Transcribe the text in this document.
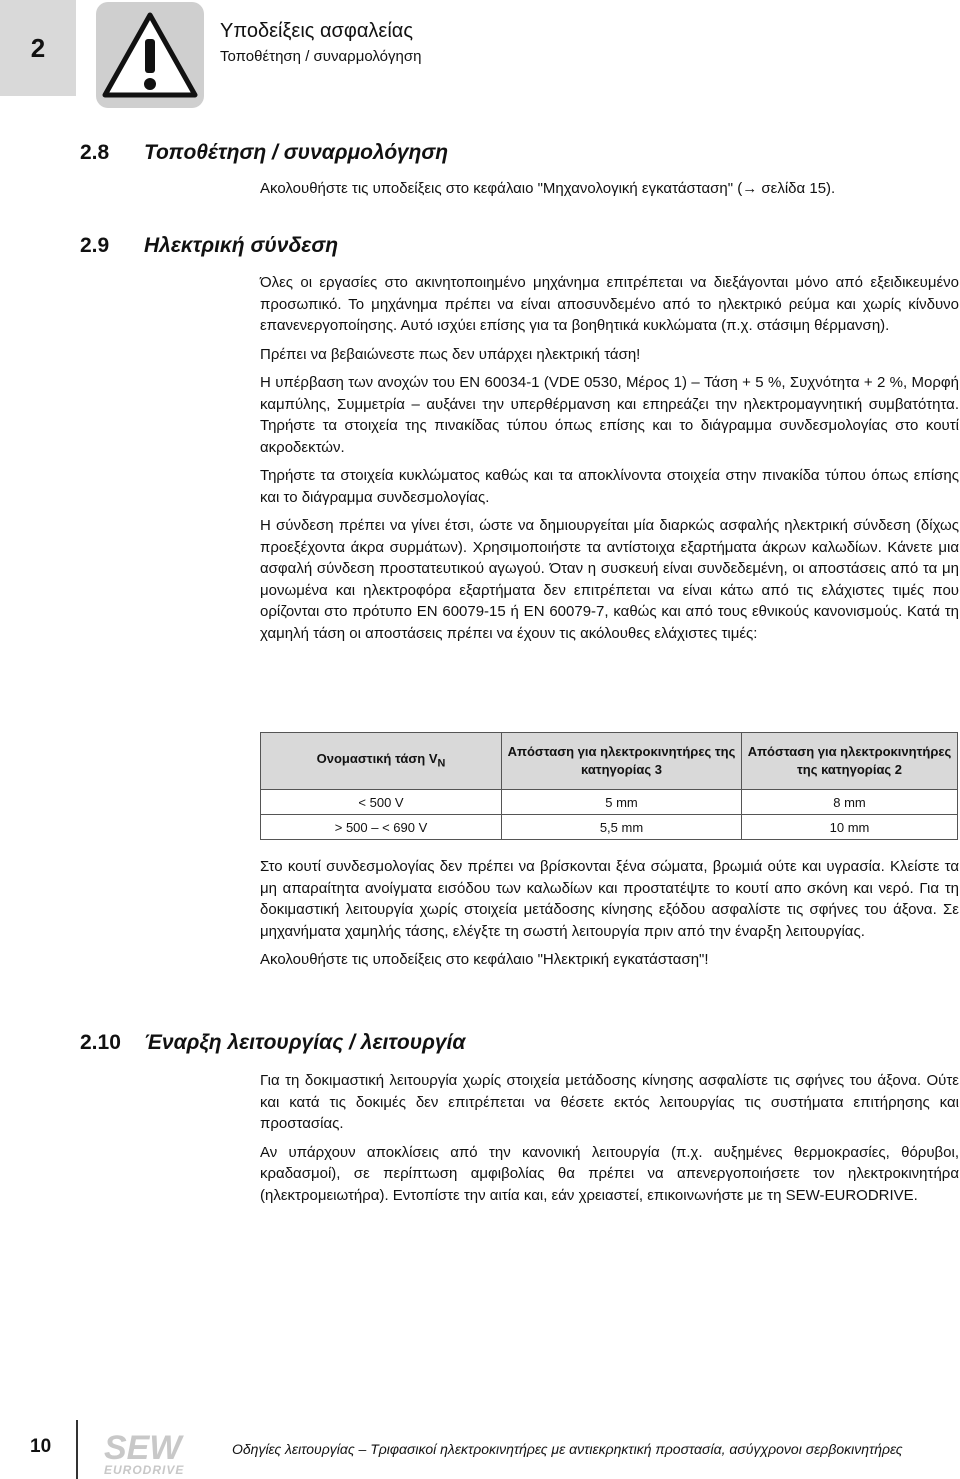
2
Υποδείξεις ασφαλείας
Τοποθέτηση / συναρμολόγηση
2.8 Τοποθέτηση / συναρμολόγηση

Ακολουθήστε τις υποδείξεις στο κεφάλαιο "Μηχανολογική εγκατάσταση" (→ σελίδα 15).

2.9 Ηλεκτρική σύνδεση

Όλες οι εργασίες στο ακινητοποιημένο μηχάνημα επιτρέπεται να διεξάγονται μόνο από εξειδικευμένο προσωπικό. Το μηχάνημα πρέπει να είναι αποσυνδεμένο από το ηλεκτρικό ρεύμα και χωρίς κίνδυνο επανενεργοποίησης. Αυτό ισχύει επίσης για τα βοηθητικά κυκλώματα (π.χ. στάσιμη θέρμανση).

Πρέπει να βεβαιώνεστε πως δεν υπάρχει ηλεκτρική τάση!

Η υπέρβαση των ανοχών του EN 60034-1 (VDE 0530, Μέρος 1) – Τάση + 5 %, Συχνότητα + 2 %, Μορφή καμπύλης, Συμμετρία – αυξάνει την υπερθέρμανση και επηρεάζει την ηλεκτρομαγνητική συμβατότητα. Τηρήστε τα στοιχεία της πινακίδας τύπου όπως επίσης και το διάγραμμα συνδεσμολογίας στο κουτί ακροδεκτών.

Τηρήστε τα στοιχεία κυκλώματος καθώς και τα αποκλίνοντα στοιχεία στην πινακίδα τύπου όπως επίσης και το διάγραμμα συνδεσμολογίας.

Η σύνδεση πρέπει να γίνει έτσι, ώστε να δημιουργείται μία διαρκώς ασφαλής ηλεκτρική σύνδεση (δίχως προεξέχοντα άκρα συρμάτων). Χρησιμοποιήστε τα αντίστοιχα εξαρτήματα άκρων καλωδίων. Κάνετε μια ασφαλή σύνδεση προστατευτικού αγωγού. Όταν η συσκευή είναι συνδεδεμένη, οι αποστάσεις από τα μη μονωμένα και ηλεκτροφόρα εξαρτήματα δεν επιτρέπεται να είναι κάτω από τις ελάχιστες τιμές που ορίζονται στο πρότυπο EN 60079-15 ή EN 60079-7, καθώς και από τους εθνικούς κανονισμούς. Κατά τη χαμηλή τάση οι αποστάσεις πρέπει να έχουν τις ακόλουθες ελάχιστες τιμές:

Ονομαστική τάση $V_N$	Απόσταση για ηλεκτροκινητήρες της κατηγορίας 3	Απόσταση για ηλεκτροκινητήρες της κατηγορίας 2
< 500 V	5 mm	8 mm
> 500 – < 690 V	5,5 mm	10 mm

Στο κουτί συνδεσμολογίας δεν πρέπει να βρίσκονται ξένα σώματα, βρωμιά ούτε και υγρασία. Κλείστε τα μη απαραίτητα ανοίγματα εισόδου των καλωδίων και προστατέψτε το κουτί απο σκόνη και νερό. Για τη δοκιμαστική λειτουργία χωρίς στοιχεία μετάδοσης κίνησης εξόδου ασφαλίστε τις σφήνες του άξονα. Σε μηχανήματα χαμηλής τάσης, ελέγξτε τη σωστή λειτουργία πριν από την έναρξη λειτουργίας.

Ακολουθήστε τις υποδείξεις στο κεφάλαιο "Ηλεκτρική εγκατάσταση"!

2.10 Έναρξη λειτουργίας / λειτουργία

Για τη δοκιμαστική λειτουργία χωρίς στοιχεία μετάδοσης κίνησης ασφαλίστε τις σφήνες του άξονα. Ούτε και κατά τις δοκιμές δεν επιτρέπεται να θέσετε εκτός λειτουργίας τις συστήματα επιτήρησης και προστασίας.

Αν υπάρχουν αποκλίσεις από την κανονική λειτουργία (π.χ. αυξημένες θερμοκρασίες, θόρυβοι, κραδασμοί), σε περίπτωση αμφιβολίας θα πρέπει να απενεργοποιήσετε τον ηλεκτροκινητήρα (ηλεκτρομειωτήρα). Εντοπίστε την αιτία και, εάν χρειαστεί, επικοινωνήστε με τη SEW-EURODRIVE.

10 SEW
EURODRIVE
Οδηγίες λειτουργίας – Τριφασικοί ηλεκτροκινητήρες με αντιεκρηκτική προστασία, ασύγχρονοι σερβοκινητήρες
